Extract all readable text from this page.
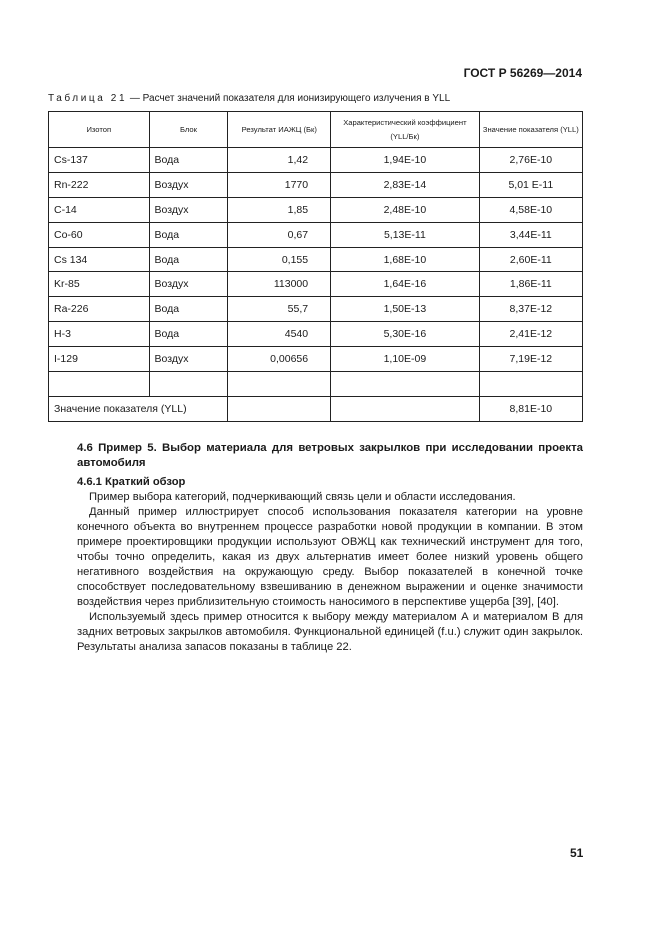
ГОСТ Р 56269—2014
Таблица 21 — Расчет значений показателя для ионизирующего излучения в YLL
Изотоп	Блок	Результат ИАЖЦ (Бк)	Характеристический коэффициент (YLL/Бк)	Значение показателя (YLL)
Cs-137	Вода	1,42	1,94E-10	2,76E-10
Rn-222	Воздух	1770	2,83E-14	5,01 E-11
C-14	Воздух	1,85	2,48E-10	4,58E-10
Co-60	Вода	0,67	5,13E-11	3,44E-11
Cs 134	Вода	0,155	1,68E-10	2,60E-11
Kr-85	Воздух	113000	1,64E-16	1,86E-11
Ra-226	Вода	55,7	1,50E-13	8,37E-12
H-3	Вода	4540	5,30E-16	2,41E-12
I-129	Воздух	0,00656	1,10E-09	7,19E-12

Значение показателя (YLL)				8,81E-10
4.6 Пример 5. Выбор материала для ветровых закрылков при исследовании проекта автомобиля
4.6.1 Краткий обзор

Пример выбора категорий, подчеркивающий связь цели и области исследования.

Данный пример иллюстрирует способ использования показателя категории на уровне конечного объекта во внутреннем процессе разработки новой продукции в компании. В этом примере проектировщики продукции используют ОВЖЦ как технический инструмент для того, чтобы точно определить, какая из двух альтернатив имеет более низкий уровень общего негативного воздействия на окружающую среду. Выбор показателей в конечной точке способствует последовательному взвешиванию в денежном выражении и оценке значимости воздействия через приблизительную стоимость наносимого в перспективе ущерба [39], [40].

Используемый здесь пример относится к выбору между материалом А и материалом В для задних ветровых закрылков автомобиля. Функциональной единицей (f.u.) служит один закрылок. Результаты анализа запасов показаны в таблице 22.

51
